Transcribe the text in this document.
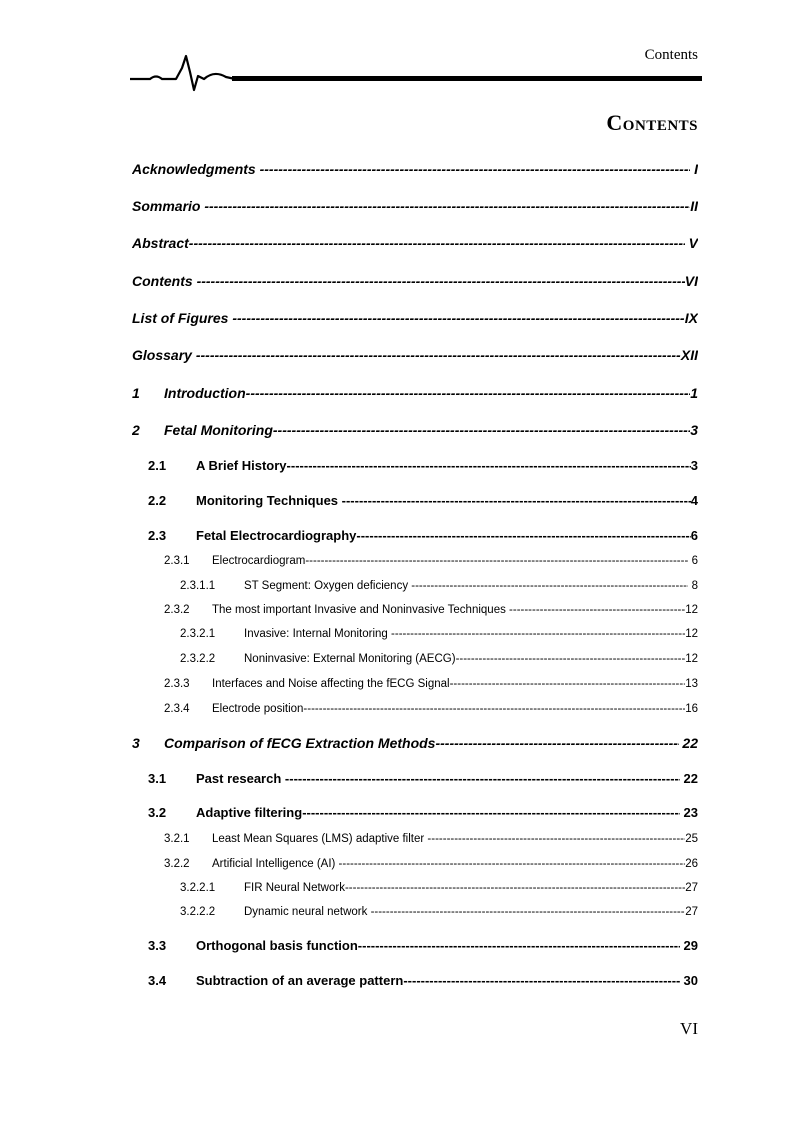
Contents
Contents
Acknowledgments -----	I
Sommario -----	II
Abstract -----	V
Contents -----	VI
List of Figures -----	IX
Glossary -----	XII
1	Introduction -----	1
2	Fetal Monitoring -----	3
2.1	A Brief History -----	3
2.2	Monitoring Techniques -----	4
2.3	Fetal Electrocardiography -----	6
2.3.1	Electrocardiogram -----	6
2.3.1.1	ST Segment: Oxygen deficiency -----	8
2.3.2	The most important Invasive and Noninvasive Techniques -----	12
2.3.2.1	Invasive: Internal Monitoring -----	12
2.3.2.2	Noninvasive: External Monitoring (AECG) -----	12
2.3.3	Interfaces and Noise affecting the fECG Signal -----	13
2.3.4	Electrode position -----	16
3	Comparison of fECG Extraction Methods -----	22
3.1	Past research -----	22
3.2	Adaptive filtering -----	23
3.2.1	Least Mean Squares (LMS) adaptive filter -----	25
3.2.2	Artificial Intelligence (AI) -----	26
3.2.2.1	FIR Neural Network -----	27
3.2.2.2	Dynamic neural network -----	27
3.3	Orthogonal basis function -----	29
3.4	Subtraction of an average pattern -----	30
VI
